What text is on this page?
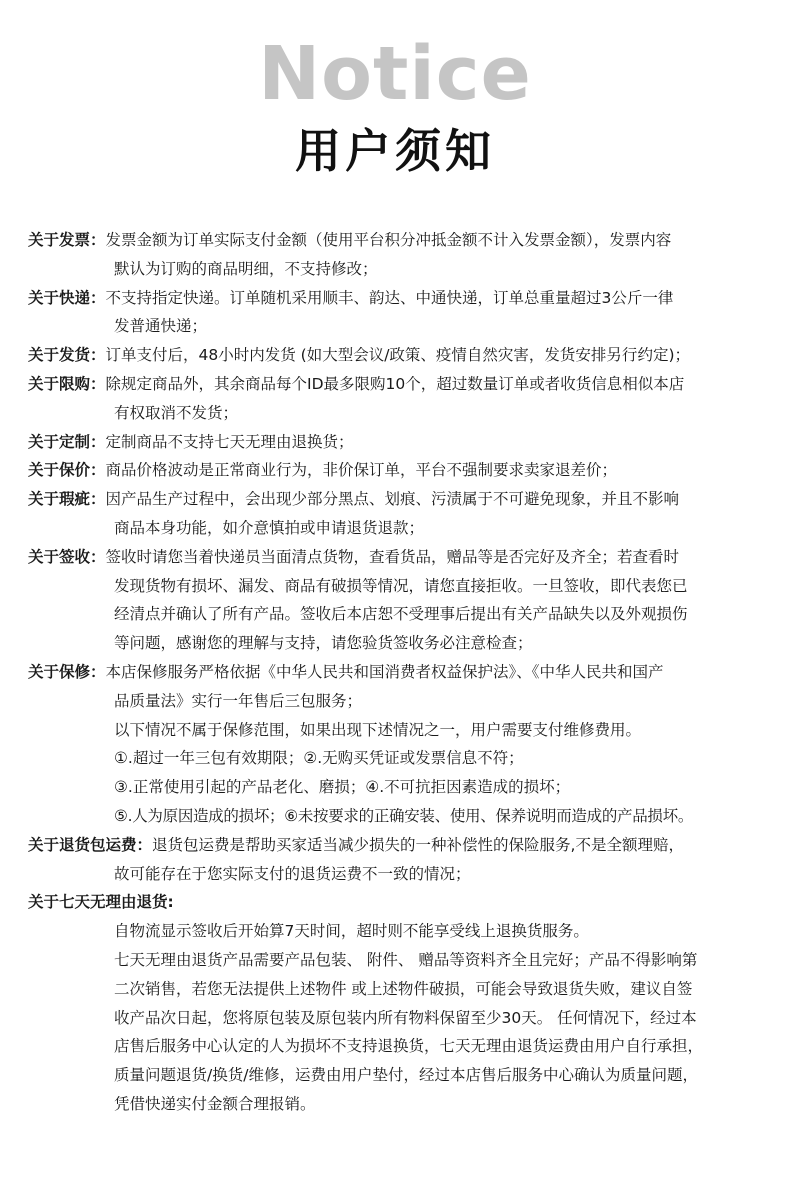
Notice
用户须知
关于发票： 发票金额为订单实际支付金额（使用平台积分冲抵金额不计入发票金额），发票内容

默认为订购的商品明细，不支持修改；

关于快递： 不支持指定快递。订单随机采用顺丰、韵达、中通快递，订单总重量超过3公斤一律

发普通快递；

关于发货： 订单支付后，48小时内发货 (如大型会议/政策、疫情自然灾害，发货安排另行约定)；
关于限购： 除规定商品外，其余商品每个ID最多限购10个，超过数量订单或者收货信息相似本店

有权取消不发货；

关于定制： 定制商品不支持七天无理由退换货；
关于保价： 商品价格波动是正常商业行为，非价保订单，平台不强制要求卖家退差价；
关于瑕疵： 因产品生产过程中，会出现少部分黑点、划痕、污渍属于不可避免现象，并且不影响

商品本身功能，如介意慎拍或申请退货退款；

关于签收： 签收时请您当着快递员当面清点货物，查看货品，赠品等是否完好及齐全；若查看时

发现货物有损坏、漏发、商品有破损等情况，请您直接拒收。一旦签收，即代表您已

经清点并确认了所有产品。签收后本店恕不受理事后提出有关产品缺失以及外观损伤

等问题，感谢您的理解与支持，请您验货签收务必注意检查；

关于保修： 本店保修服务严格依据《中华人民共和国消费者权益保护法》、《中华人民共和国产

品质量法》实行一年售后三包服务；

以下情况不属于保修范围，如果出现下述情况之一，用户需要支付维修费用。

①.超过一年三包有效期限；②.无购买凭证或发票信息不符；

③.正常使用引起的产品老化、磨损；④.不可抗拒因素造成的损坏；

⑤.人为原因造成的损坏；⑥未按要求的正确安装、使用、保养说明而造成的产品损坏。

关于退货包运费： 退货包运费是帮助买家适当减少损失的一种补偿性的保险服务,不是全额理赔，

故可能存在于您实际支付的退货运费不一致的情况；

关于七天无理由退货:

自物流显示签收后开始算7天时间，超时则不能享受线上退换货服务。

七天无理由退货产品需要产品包装、 附件、 赠品等资料齐全且完好；产品不得影响第

二次销售，若您无法提供上述物件 或上述物件破损，可能会导致退货失败，建议自签

收产品次日起，您将原包装及原包装内所有物料保留至少30天。 任何情况下，经过本

店售后服务中心认定的人为损坏不支持退换货，七天无理由退货运费由用户自行承担，

质量问题退货/换货/维修，运费由用户垫付，经过本店售后服务中心确认为质量问题，

凭借快递实付金额合理报销。
